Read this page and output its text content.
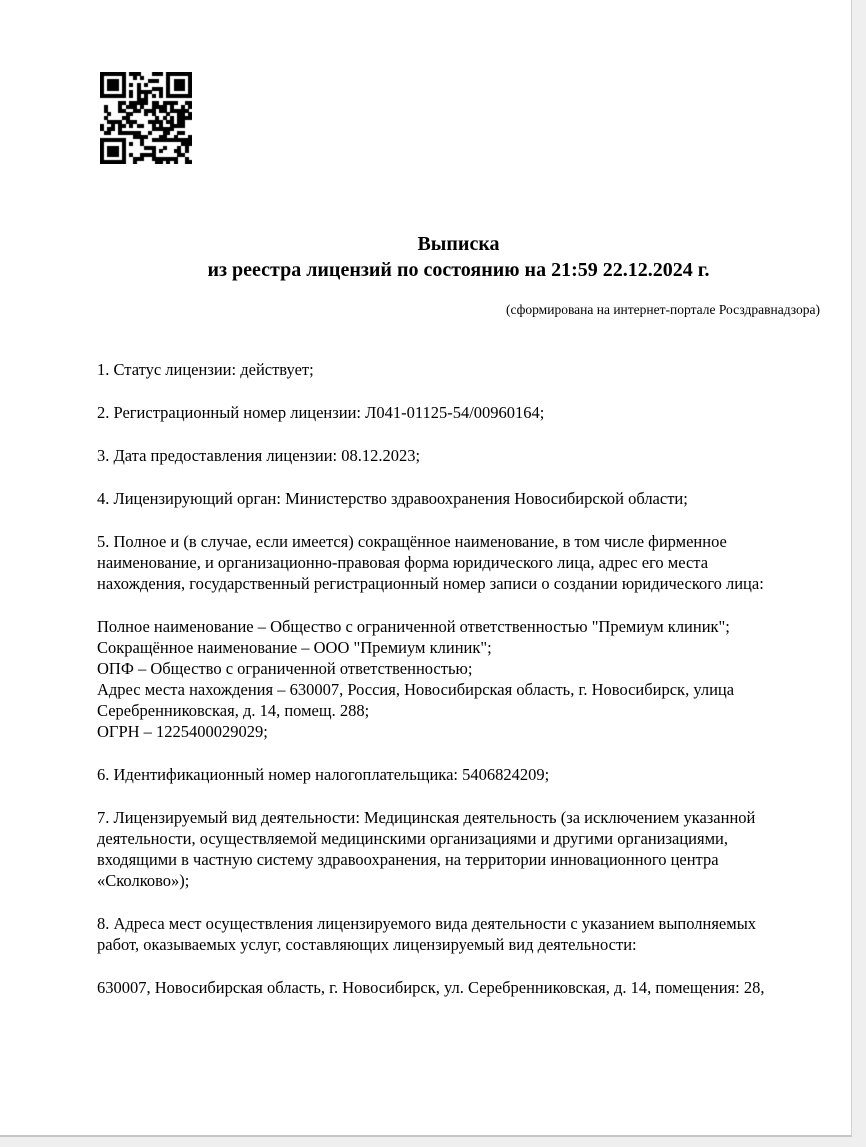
Выписка
из реестра лицензий по состоянию на 21:59 22.12.2024 г.
(сформирована на интернет-портале Росздравнадзора)
1. Статус лицензии: действует;
2. Регистрационный номер лицензии: Л041-01125-54/00960164;
3. Дата предоставления лицензии: 08.12.2023;
4. Лицензирующий орган: Министерство здравоохранения Новосибирской области;
5. Полное и (в случае, если имеется) сокращённое наименование, в том числе фирменное
наименование, и организационно-правовая форма юридического лица, адрес его места
нахождения, государственный регистрационный номер записи о создании юридического лица:
Полное наименование – Общество с ограниченной ответственностью "Премиум клиник";
Сокращённое наименование – ООО "Премиум клиник";
ОПФ – Общество с ограниченной ответственностью;
Адрес места нахождения – 630007, Россия, Новосибирская область, г. Новосибирск, улица
Серебренниковская, д. 14, помещ. 288;
ОГРН – 1225400029029;
6. Идентификационный номер налогоплательщика: 5406824209;
7. Лицензируемый вид деятельности: Медицинская деятельность (за исключением указанной
деятельности, осуществляемой медицинскими организациями и другими организациями,
входящими в частную систему здравоохранения, на территории инновационного центра
«Сколково»);
8. Адреса мест осуществления лицензируемого вида деятельности с указанием выполняемых
работ, оказываемых услуг, составляющих лицензируемый вид деятельности:
630007, Новосибирская область, г. Новосибирск, ул. Серебренниковская, д. 14, помещения: 28,
